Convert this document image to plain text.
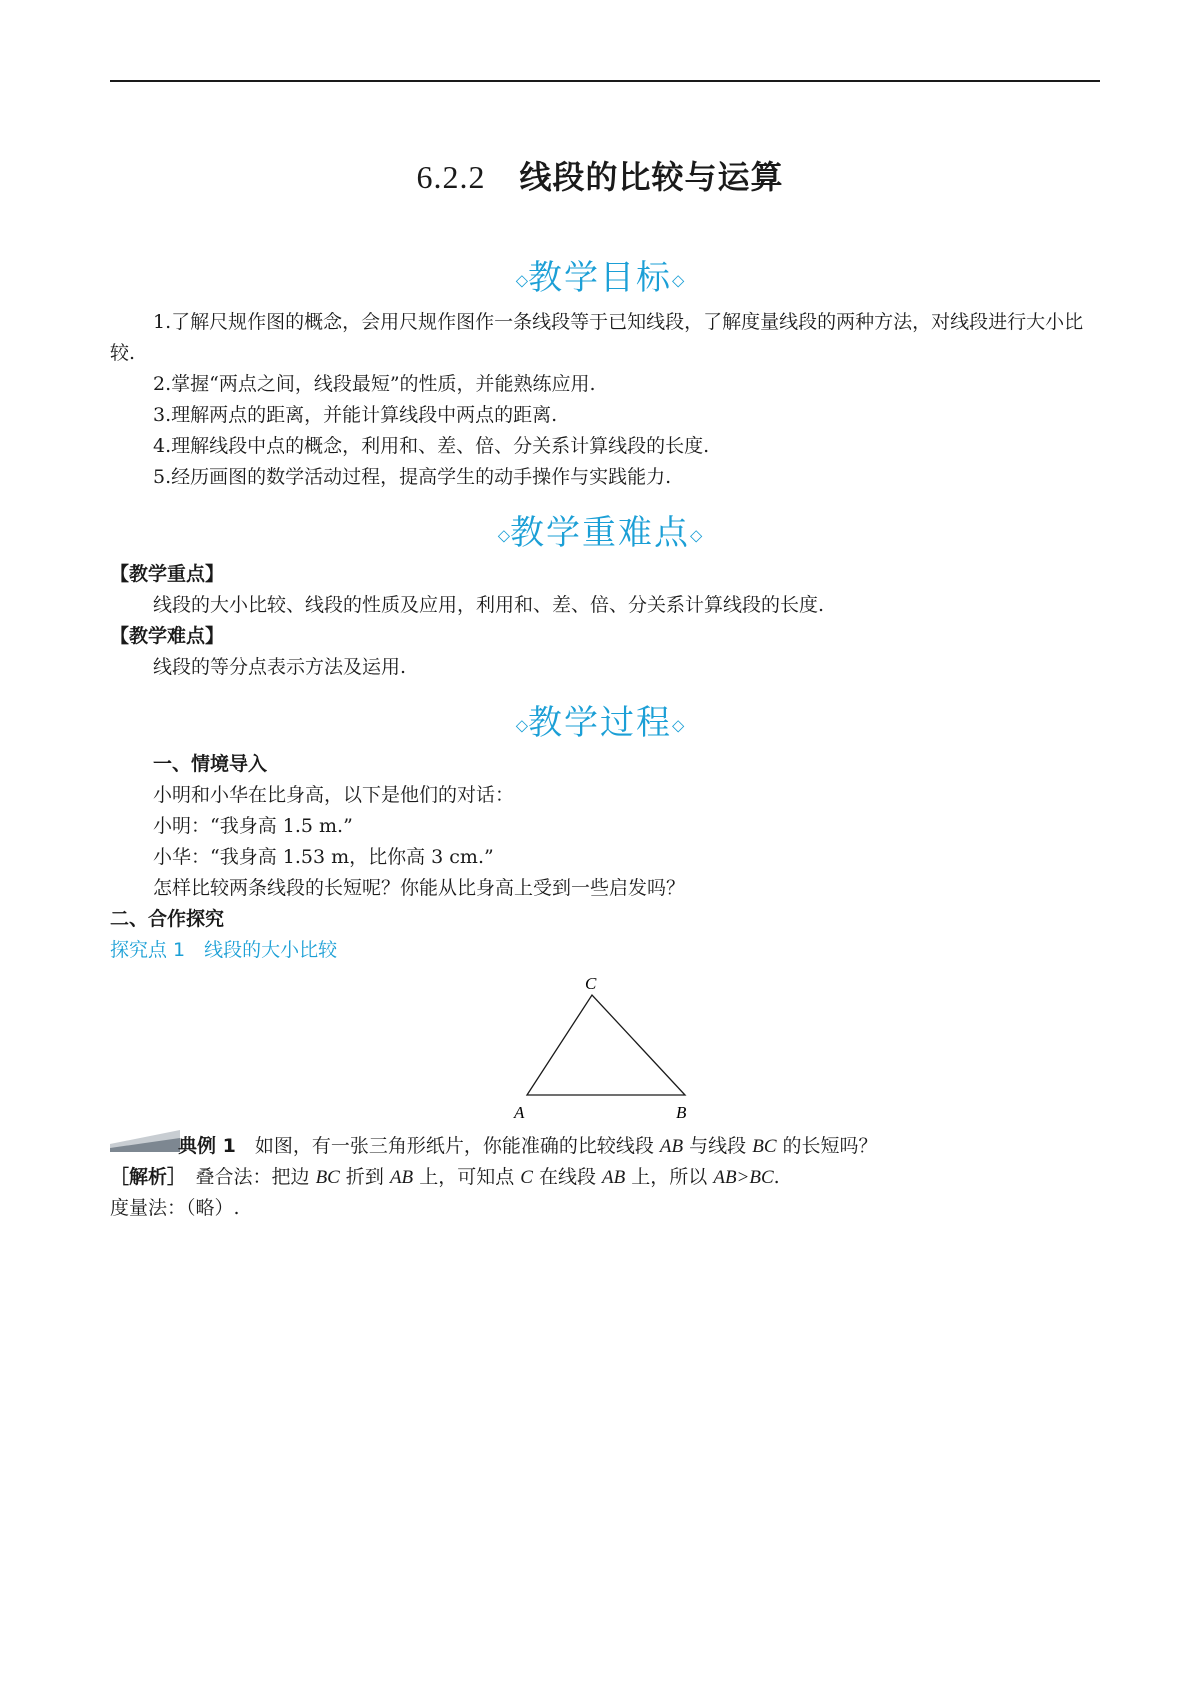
6.2.2 线段的比较与运算
◇教学目标◇
1.了解尺规作图的概念，会用尺规作图作一条线段等于已知线段，了解度量线段的两种方法，对线段进行大小比较.
2.掌握“两点之间，线段最短”的性质，并能熟练应用.
3.理解两点的距离，并能计算线段中两点的距离.
4.理解线段中点的概念，利用和、差、倍、分关系计算线段的长度.
5.经历画图的数学活动过程，提高学生的动手操作与实践能力.
◇教学重难点◇
【教学重点】
线段的大小比较、线段的性质及应用，利用和、差、倍、分关系计算线段的长度.
【教学难点】
线段的等分点表示方法及运用.
◇教学过程◇
一、情境导入
小明和小华在比身高，以下是他们的对话：
小明：“我身高 1.5 m.”
小华：“我身高 1.53 m，比你高 3 cm.”
怎样比较两条线段的长短呢？你能从比身高上受到一些启发吗？
二、合作探究
探究点 1　线段的大小比较
A	B
C
典例 1　 如图，有一张三角形纸片，你能准确的比较线段 AB 与线段 BC 的长短吗？
［解析］　叠合法：把边 BC 折到 AB 上，可知点 C 在线段 AB 上，所以 AB>BC.
度量法：（略）.
